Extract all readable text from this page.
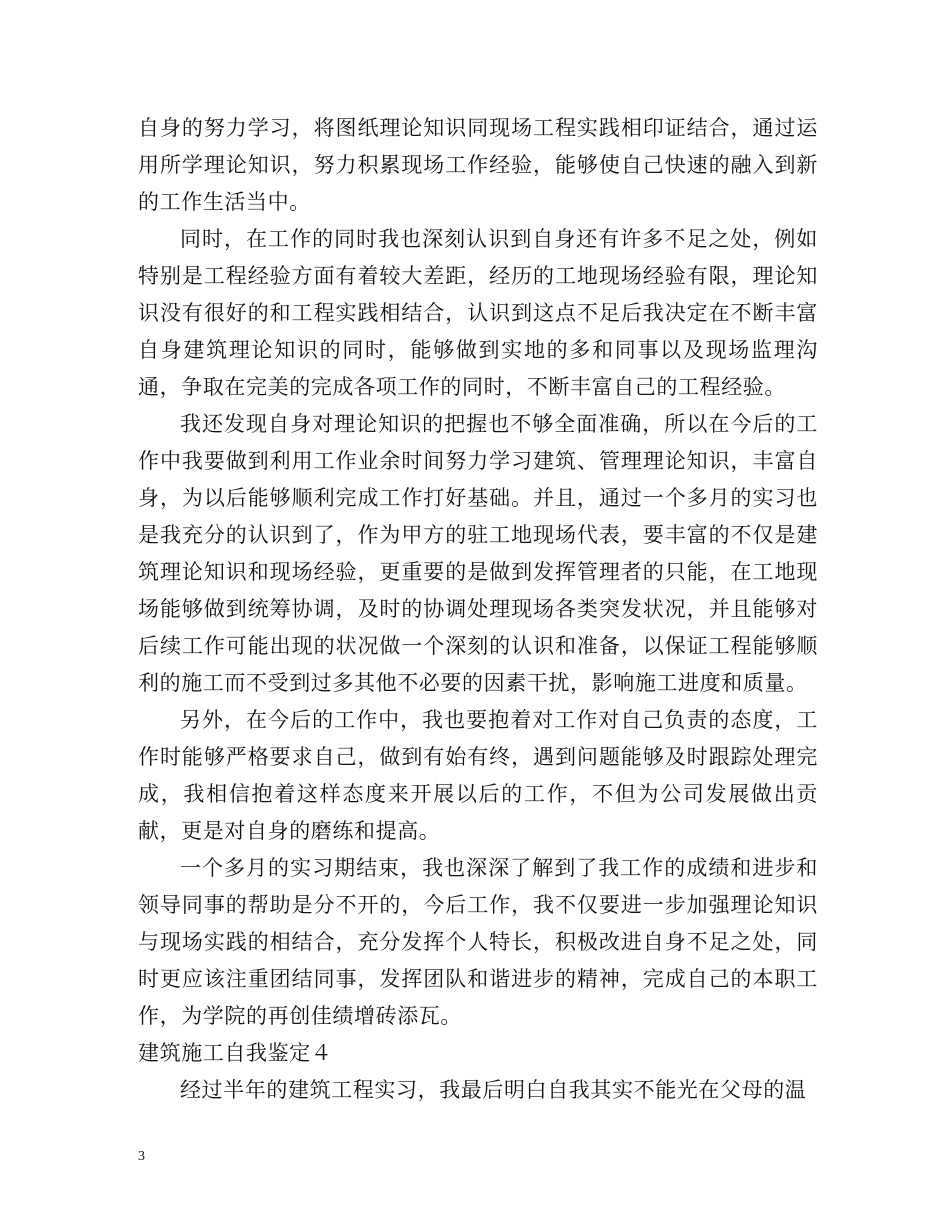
自身的努力学习，将图纸理论知识同现场工程实践相印证结合，通过运用所学理论知识，努力积累现场工作经验，能够使自己快速的融入到新的工作生活当中。

同时，在工作的同时我也深刻认识到自身还有许多不足之处，例如特别是工程经验方面有着较大差距，经历的工地现场经验有限，理论知识没有很好的和工程实践相结合，认识到这点不足后我决定在不断丰富自身建筑理论知识的同时，能够做到实地的多和同事以及现场监理沟通，争取在完美的完成各项工作的同时，不断丰富自己的工程经验。

我还发现自身对理论知识的把握也不够全面准确，所以在今后的工作中我要做到利用工作业余时间努力学习建筑、管理理论知识，丰富自身，为以后能够顺利完成工作打好基础。并且，通过一个多月的实习也是我充分的认识到了，作为甲方的驻工地现场代表，要丰富的不仅是建筑理论知识和现场经验，更重要的是做到发挥管理者的只能，在工地现场能够做到统筹协调，及时的协调处理现场各类突发状况，并且能够对后续工作可能出现的状况做一个深刻的认识和准备，以保证工程能够顺利的施工而不受到过多其他不必要的因素干扰，影响施工进度和质量。

另外，在今后的工作中，我也要抱着对工作对自己负责的态度，工作时能够严格要求自己，做到有始有终，遇到问题能够及时跟踪处理完成，我相信抱着这样态度来开展以后的工作，不但为公司发展做出贡献，更是对自身的磨练和提高。

一个多月的实习期结束，我也深深了解到了我工作的成绩和进步和领导同事的帮助是分不开的，今后工作，我不仅要进一步加强理论知识与现场实践的相结合，充分发挥个人特长，积极改进自身不足之处，同时更应该注重团结同事，发挥团队和谐进步的精神，完成自己的本职工作，为学院的再创佳绩增砖添瓦。

建筑施工自我鉴定４

经过半年的建筑工程实习，我最后明白自我其实不能光在父母的温

3
